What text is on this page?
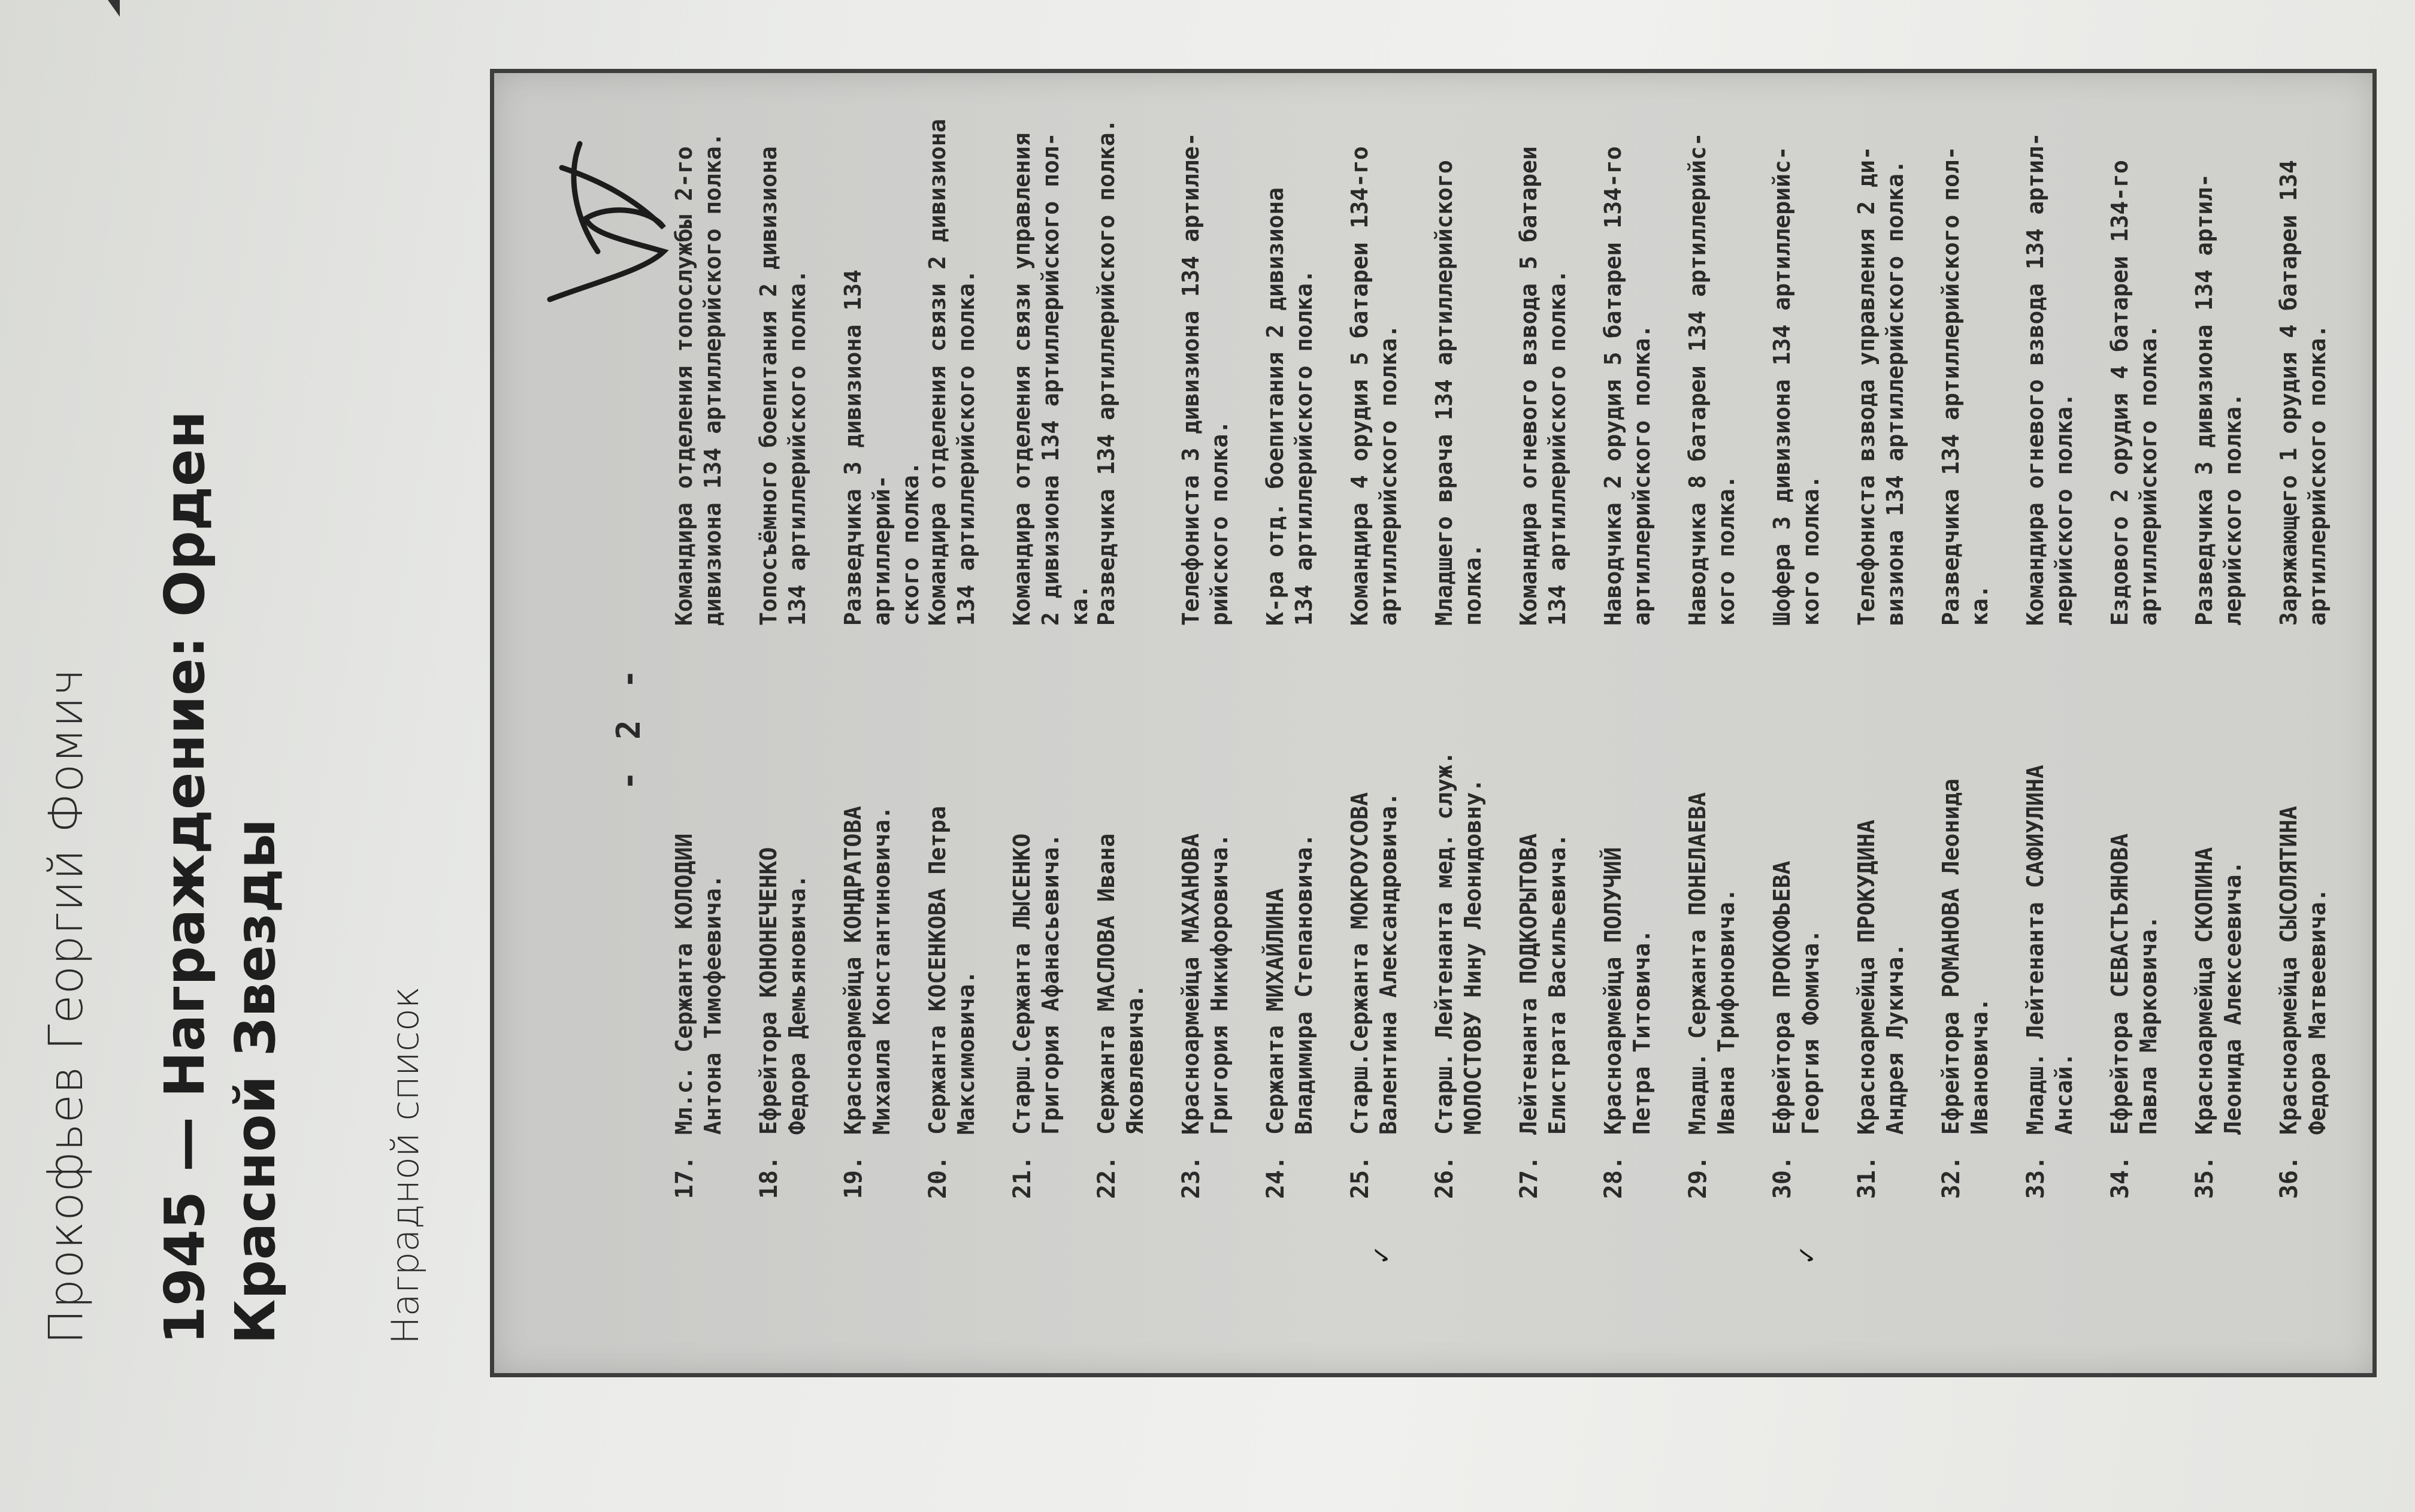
Прокофьев Георгий Фомич 1945 — Награждение: Орден Красной Звезды	Наградной список
- 2 -
17.
Мл.с. Сержанта КОЛОДИИ
Антона Тимофеевича.
Командира отделения топослужбы 2-го
дивизиона 134 артиллерийского полка.
18.
Ефрейтора КОНОНЕЧЕНКО
Федора Демьяновича.
Топосъёмного боепитания 2 дивизиона
134 артиллерийского полка.
19.
Красноармейца КОНДРАТОВА
Михаила Константиновича.
Разведчика 3 дивизиона 134 артиллерий-
ского полка.
20.
Сержанта КОСЕНКОВА Петра
Максимовича.
Командира отделения связи 2 дивизиона
134 артиллерийского полка.
21.
Старш.Сержанта ЛЫСЕНКО
Григория Афанасьевича.
Командира отделения связи управления
2 дивизиона 134 артиллерийского пол-
ка.
22.
Сержанта МАСЛОВА Ивана
Яковлевича.
Разведчика 134 артиллерийского полка.
23.
Красноармейца МАХАНОВА
Григория Никифоровича.
Телефониста 3 дивизиона 134 артилле-
рийского полка.
24.
Сержанта МИХАЙЛИНА
Владимира Степановича.
К-ра отд. боепитания 2 дивизиона
134 артиллерийского полка.
25.
Старш.Сержанта МОКРОУСОВА
Валентина Александровича.
Командира 4 орудия 5 батареи 134-го
артиллерийского полка.
26.
Старш. Лейтенанта мед. служ.
МОЛОСТОВУ Нину Леонидовну.
Младшего врача 134 артиллерийского
полка.
27.
Лейтенанта ПОДКОРЫТОВА
Елистрата Васильевича.
Командира огневого взвода 5 батареи
134 артиллерийского полка.
28.
Красноармейца ПОЛУЧИЙ
Петра Титовича.
Наводчика 2 орудия 5 батареи 134-го
артиллерийского полка.
29.
Младш. Сержанта ПОНЕЛАЕВА
Ивана Трифоновича.
Наводчика 8 батареи 134 артиллерийс-
кого полка.
30.
Ефрейтора ПРОКОФЬЕВА
Георгия Фомича.
Шофера 3 дивизиона 134 артиллерийс-
кого полка.
31.
Красноармейца ПРОКУДИНА
Андрея Лукича.
Телефониста взвода управления 2 ди-
визиона 134 артиллерийского полка.
32.
Ефрейтора РОМАНОВА Леонида
Ивановича.
Разведчика 134 артиллерийского пол-
ка.
33.
Младш. Лейтенанта САФИУЛИНА
Ансай.
Командира огневого взвода 134 артил-
лерийского полка.
34.
Ефрейтора СЕВАСТЬЯНОВА
Павла Марковича.
Ездового 2 орудия 4 батареи 134-го
артиллерийского полка.
35.
Красноармейца СКОПИНА
Леонида Алексеевича.
Разведчика 3 дивизиона 134 артил-
лерийского полка.
36.
Красноармейца СЫСОЛЯТИНА
Федора Матвеевича.
Заряжающего 1 орудия 4 батареи 134
артиллерийского полка.
✓	✓
